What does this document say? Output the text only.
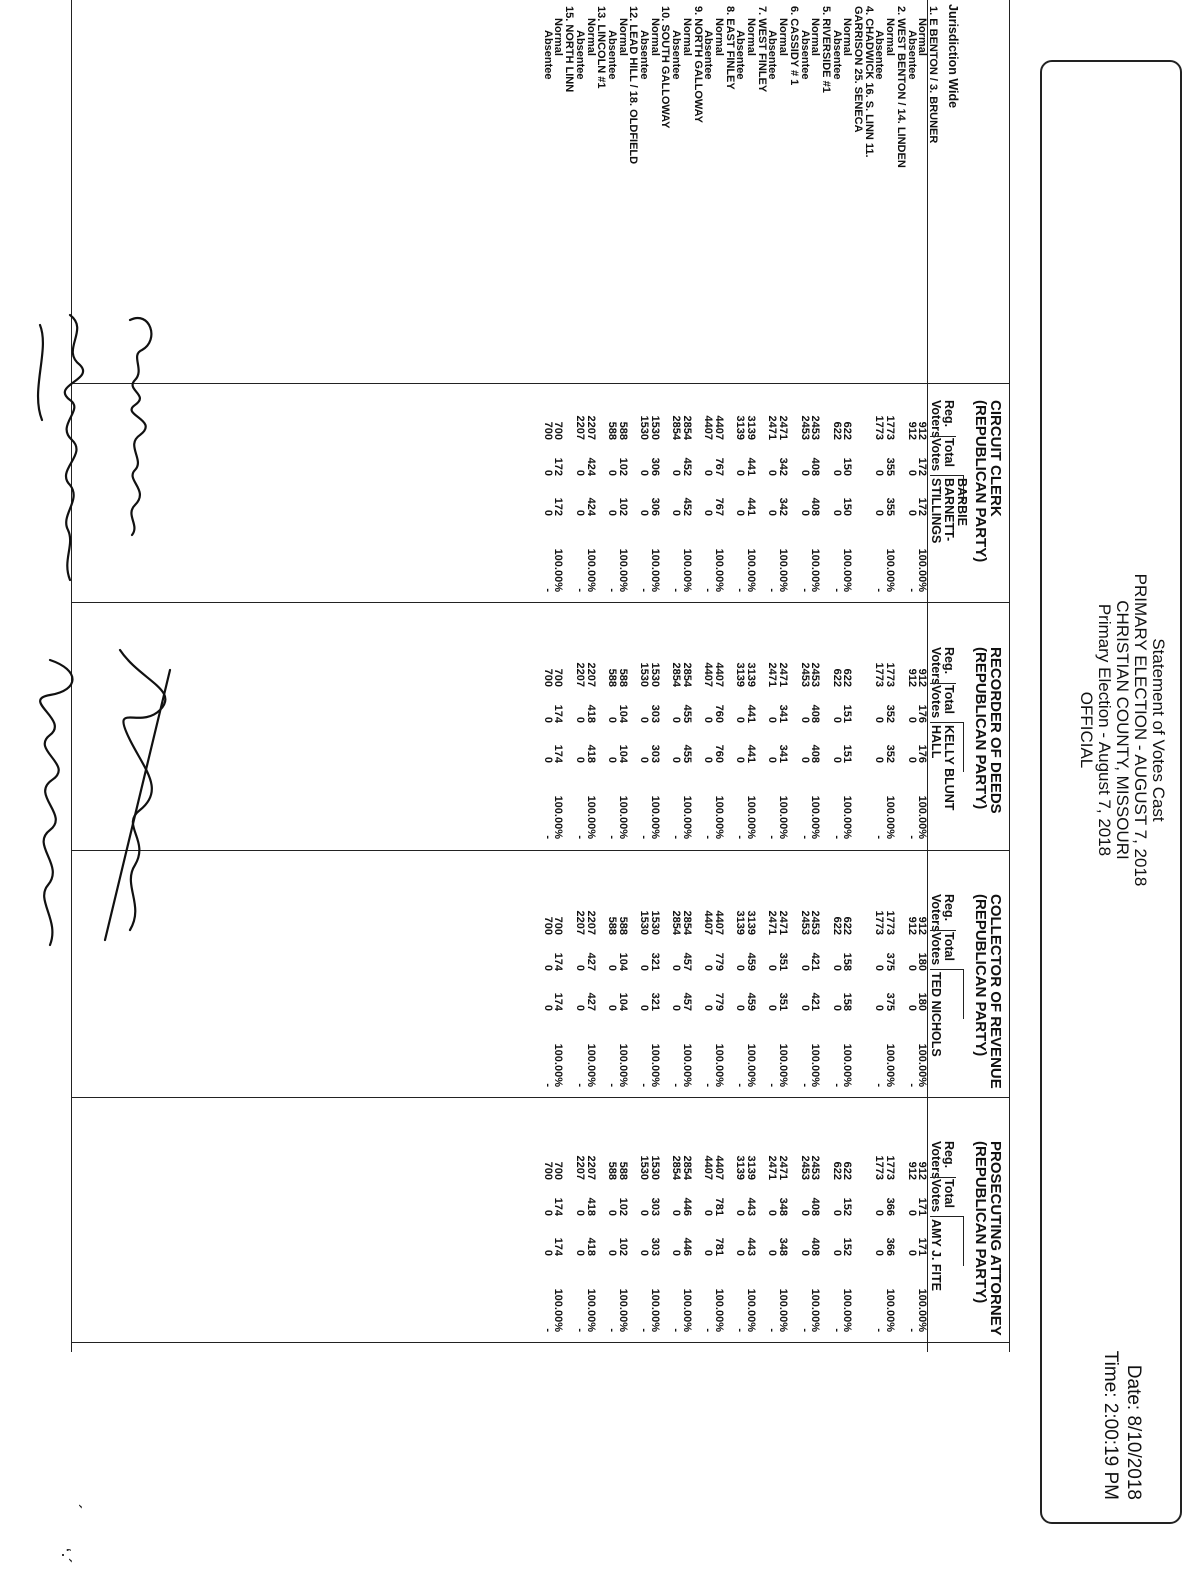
‘·´
´
Statement of Votes Cast
PRIMARY ELECTION - AUGUST 7, 2018
CHRISTIAN COUNTY, MISSOURI
Primary Election - August 7, 2018
OFFICIAL
Date: 8/10/2018
Time: 2:00:19 PM
Jurisdiction Wide
CIRCUIT CLERK
(REPUBLICAN PARTY)
Reg.
Voters
Total
Votes
BARBIE
BARNETT-
STILLINGS
RECORDER OF DEEDS
(REPUBLICAN PARTY)
Reg.
Voters
Total
Votes
KELLY BLUNT
HALL
COLLECTOR OF REVENUE
(REPUBLICAN PARTY)
Reg.
Voters
Total
Votes
TED NICHOLS
PROSECUTING ATTORNEY
(REPUBLICAN PARTY)
Reg.
Voters
Total
Votes
AMY J. FITE
1. E BENTON / 3. BRUNER
Normal
912
172
172
100.00%
912
176
176
100.00%
912
180
180
100.00%
912
171
171
100.00%
Absentee
912
0
0
-
912
0
0
-
912
0
0
-
912
0
0
-
2. WEST BENTON / 14. LINDEN
Normal
1773
355
355
100.00%
1773
352
352
100.00%
1773
375
375
100.00%
1773
366
366
100.00%
Absentee
1773
0
0
-
1773
0
0
-
1773
0
0
-
1773
0
0
-
4. CHADWICK 16. S. LINN 11.
GARRISON 25. SENECA
Normal
622
150
150
100.00%
622
151
151
100.00%
622
158
158
100.00%
622
152
152
100.00%
Absentee
622
0
0
-
622
0
0
-
622
0
0
-
622
0
0
-
5. RIVERSIDE #1
Normal
2453
408
408
100.00%
2453
408
408
100.00%
2453
421
421
100.00%
2453
408
408
100.00%
Absentee
2453
0
0
-
2453
0
0
-
2453
0
0
-
2453
0
0
-
6. CASSIDY # 1
Normal
2471
342
342
100.00%
2471
341
341
100.00%
2471
351
351
100.00%
2471
348
348
100.00%
Absentee
2471
0
0
-
2471
0
0
-
2471
0
0
-
2471
0
0
-
7. WEST FINLEY
Normal
3139
441
441
100.00%
3139
441
441
100.00%
3139
459
459
100.00%
3139
443
443
100.00%
Absentee
3139
0
0
-
3139
0
0
-
3139
0
0
-
3139
0
0
-
8. EAST FINLEY
Normal
4407
767
767
100.00%
4407
760
760
100.00%
4407
779
779
100.00%
4407
781
781
100.00%
Absentee
4407
0
0
-
4407
0
0
-
4407
0
0
-
4407
0
0
-
9. NORTH GALLOWAY
Normal
2854
452
452
100.00%
2854
455
455
100.00%
2854
457
457
100.00%
2854
446
446
100.00%
Absentee
2854
0
0
-
2854
0
0
-
2854
0
0
-
2854
0
0
-
10. SOUTH GALLOWAY
Normal
1530
306
306
100.00%
1530
303
303
100.00%
1530
321
321
100.00%
1530
303
303
100.00%
Absentee
1530
0
0
-
1530
0
0
-
1530
0
0
-
1530
0
0
-
12. LEAD HILL / 18. OLDFIELD
Normal
588
102
102
100.00%
588
104
104
100.00%
588
104
104
100.00%
588
102
102
100.00%
Absentee
588
0
0
-
588
0
0
-
588
0
0
-
588
0
0
-
13. LINCOLN #1
Normal
2207
424
424
100.00%
2207
418
418
100.00%
2207
427
427
100.00%
2207
418
418
100.00%
Absentee
2207
0
0
-
2207
0
0
-
2207
0
0
-
2207
0
0
-
15. NORTH LINN
Normal
700
172
172
100.00%
700
174
174
100.00%
700
174
174
100.00%
700
174
174
100.00%
Absentee
700
0
0
-
700
0
0
-
700
0
0
-
700
0
0
-
